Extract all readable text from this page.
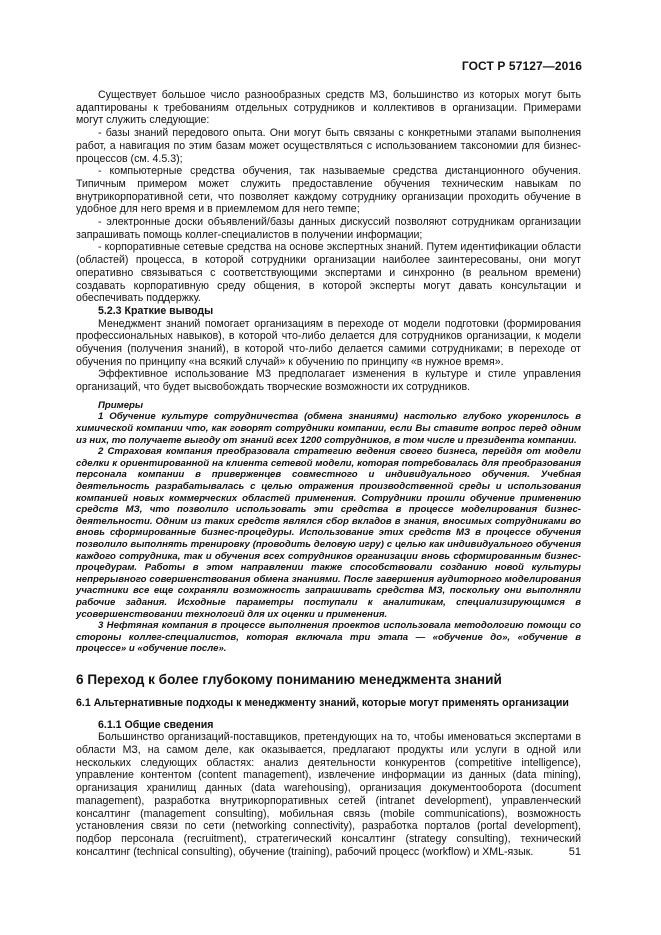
ГОСТ Р 57127—2016

Существует большое число разнообразных средств МЗ, большинство из которых могут быть адаптированы к требованиям отдельных сотрудников и коллективов в организации. Примерами могут служить следующие:

- базы знаний передового опыта. Они могут быть связаны с конкретными этапами выполнения работ, а навигация по этим базам может осуществляться с использованием таксономии для бизнес-процессов (см. 4.5.3);

- компьютерные средства обучения, так называемые средства дистанционного обучения. Типичным примером может служить предоставление обучения техническим навыкам по внутрикорпоративной сети, что позволяет каждому сотруднику организации проходить обучение в удобное для него время и в приемлемом для него темпе;

- электронные доски объявлений/базы данных дискуссий позволяют сотрудникам организации запрашивать помощь коллег-специалистов в получении информации;

- корпоративные сетевые средства на основе экспертных знаний. Путем идентификации области (областей) процесса, в которой сотрудники организации наиболее заинтересованы, они могут оперативно связываться с соответствующими экспертами и синхронно (в реальном времени) создавать корпоративную среду общения, в которой эксперты могут давать консультации и обеспечивать поддержку.

5.2.3 Краткие выводы

Менеджмент знаний помогает организациям в переходе от модели подготовки (формирования профессиональных навыков), в которой что-либо делается для сотрудников организации, к модели обучения (получения знаний), в которой что-либо делается самими сотрудниками; в переходе от обучения по принципу «на всякий случай» к обучению по принципу «в нужное время».

Эффективное использование МЗ предполагает изменения в культуре и стиле управления организаций, что будет высвобождать творческие возможности их сотрудников.

Примеры

1 Обучение культуре сотрудничества (обмена знаниями) настолько глубоко укоренилось в химической компании что, как говорят сотрудники компании, если Вы ставите вопрос перед одним из них, то получаете выгоду от знаний всех 1200 сотрудников, в том числе и президента компании.

2 Страховая компания преобразовала стратегию ведения своего бизнеса, перейдя от модели сделки к ориентированной на клиента сетевой модели, которая потребовалась для преобразования персонала компании в приверженцев совместного и индивидуального обучения. Учебная деятельность разрабатывалась с целью отражения производственной среды и использования компанией новых коммерческих областей применения. Сотрудники прошли обучение применению средств МЗ, что позволило использовать эти средства в процессе моделирования бизнес-деятельности. Одним из таких средств являлся сбор вкладов в знания, вносимых сотрудниками во вновь сформированные бизнес-процедуры. Использование этих средств МЗ в процессе обучения позволило выполнять тренировку (проводить деловую игру) с целью как индивидуального обучения каждого сотрудника, так и обучения всех сотрудников организации вновь сформированным бизнес-процедурам. Работы в этом направлении также способствовали созданию новой культуры непрерывного совершенствования обмена знаниями. После завершения аудиторного моделирования участники все еще сохраняли возможность запрашивать средства МЗ, поскольку они выполняли рабочие задания. Исходные параметры поступали к аналитикам, специализирующимся в усовершенствовании технологий для их оценки и применения.

3 Нефтяная компания в процессе выполнения проектов использовала методологию помощи со стороны коллег-специалистов, которая включала три этапа — «обучение до», «обучение в процессе» и «обучение после».

6 Переход к более глубокому пониманию менеджмента знаний
6.1 Альтернативные подходы к менеджменту знаний, которые могут применять организации

6.1.1 Общие сведения

Большинство организаций-поставщиков, претендующих на то, чтобы именоваться экспертами в области МЗ, на самом деле, как оказывается, предлагают продукты или услуги в одной или нескольких следующих областях: анализ деятельности конкурентов (competitive intelligence), управление контентом (content management), извлечение информации из данных (data mining), организация хранилищ данных (data warehousing), организация документооборота (document management), разработка внутрикорпоративных сетей (intranet development), управленческий консалтинг (management consulting), мобильная связь (mobile communications), возможность установления связи по сети (networking connectivity), разработка порталов (portal development), подбор персонала (recruitment), стратегический консалтинг (strategy consulting), технический консалтинг (technical consulting), обучение (training), рабочий процесс (workflow) и XML-язык.	51
